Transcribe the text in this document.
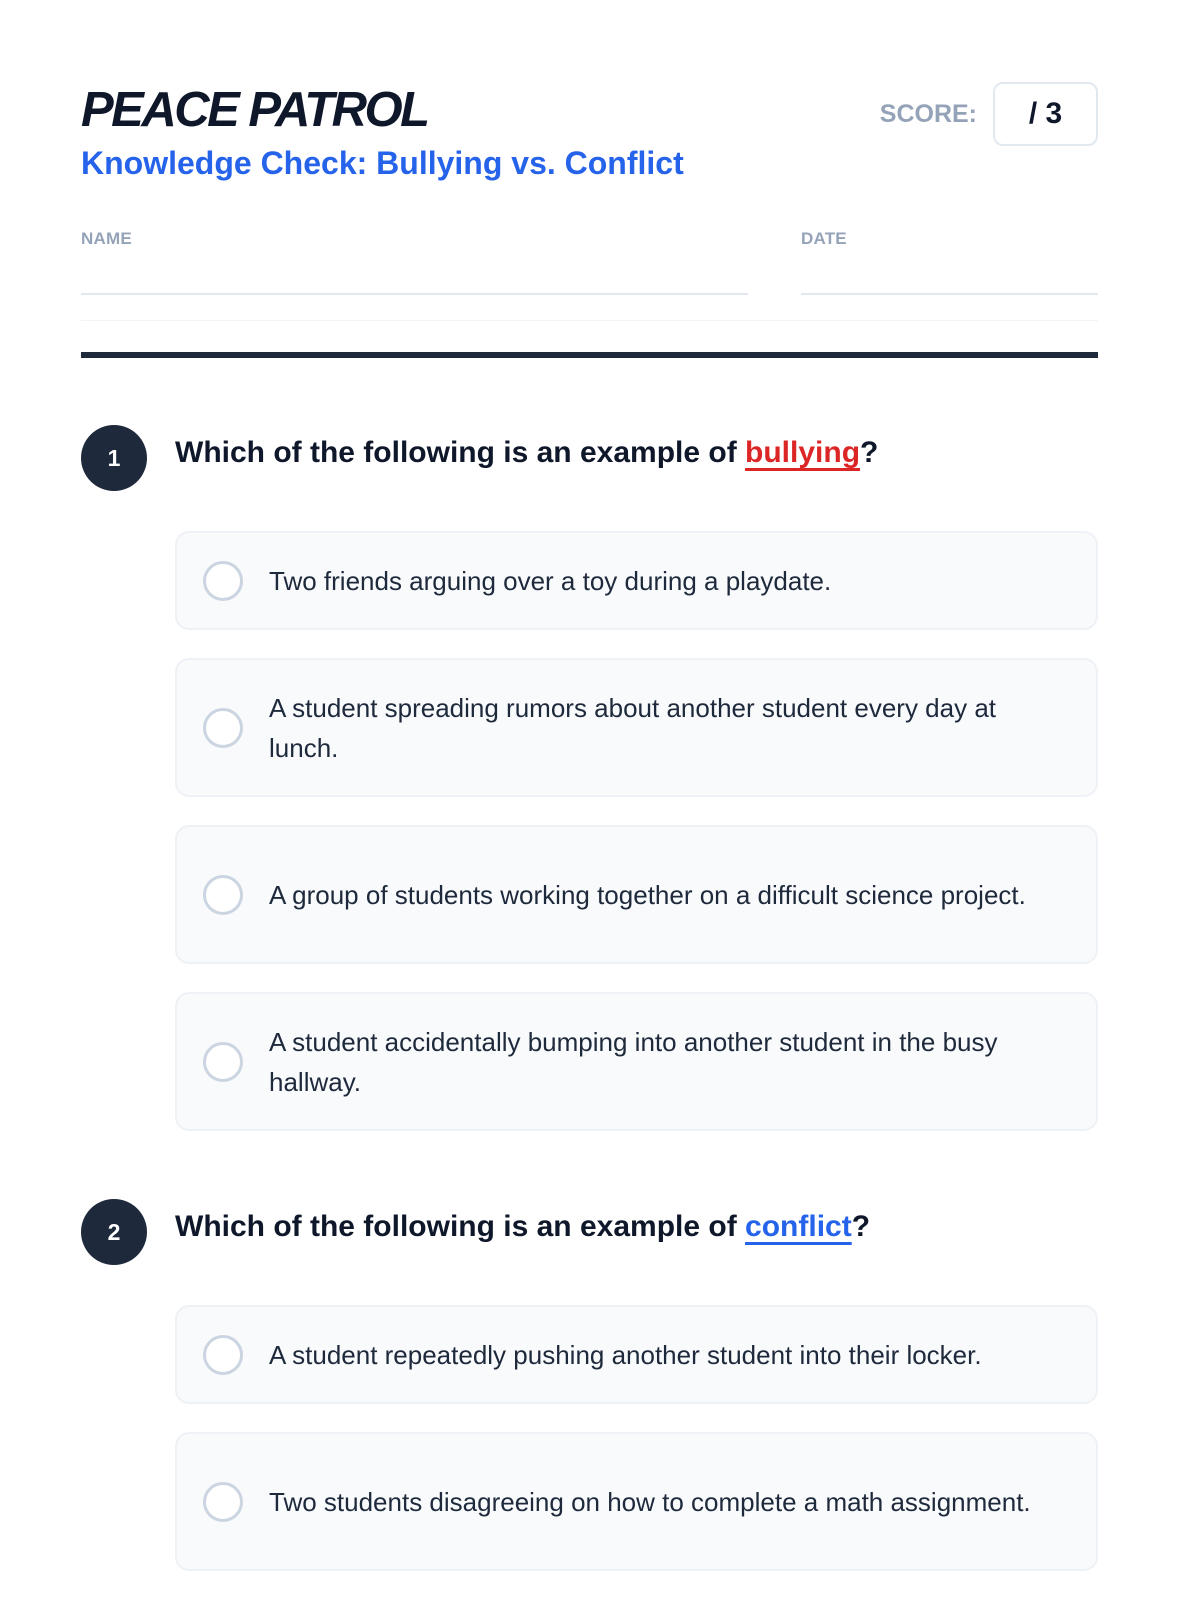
PEACE PATROL
Knowledge Check: Bullying vs. Conflict
SCORE:	/ 3
NAME	DATE
1	Which of the following is an example of bullying?
Two friends arguing over a toy during a playdate.
A student spreading rumors about another student every day at lunch.
A group of students working together on a difficult science project.
A student accidentally bumping into another student in the busy hallway.
2	Which of the following is an example of conflict?
A student repeatedly pushing another student into their locker.
Two students disagreeing on how to complete a math assignment.
